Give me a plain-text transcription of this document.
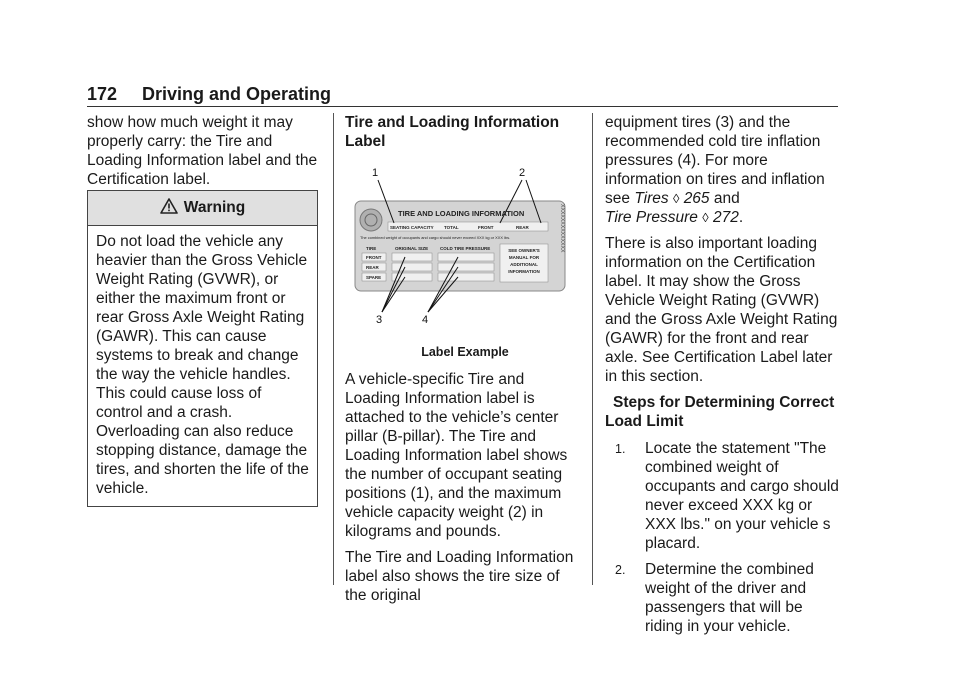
172 Driving and Operating

show how much weight it may properly carry: the Tire and Loading Information label and the Certification label.

Warning
Do not load the vehicle any heavier than the Gross Vehicle Weight Rating (GVWR), or either the maximum front or rear Gross Axle Weight Rating (GAWR). This can cause systems to break and change the way the vehicle handles. This could cause loss of control and a crash. Overloading can also reduce stopping distance, damage the tires, and shorten the life of the vehicle.
Tire and Loading Information Label
TIRE AND LOADING INFORMATION
SEATING CAPACITY TOTAL	FRONT	REAR
The combined weight of occupants and cargo should never exceed XXX kg or XXX lbs.
TIRE	ORIGINAL SIZE	COLD TIRE PRESSURE
FRONT
REAR
SPARE
SEE OWNER'S
MANUAL FOR
ADDITIONAL
INFORMATION
XXXXXXXXXXXXXX
1	2
3	4
Label Example

A vehicle-specific Tire and Loading Information label is attached to the vehicle’s center pillar (B-pillar). The Tire and Loading Information label shows the number of occupant seating positions (1), and the maximum vehicle capacity weight (2) in kilograms and pounds.

The Tire and Loading Information label also shows the tire size of the original

equipment tires (3) and the recommended cold tire inflation pressures (4). For more information on tires and inflation see Tires ◊ 265 and
Tire Pressure ◊ 272.

There is also important loading information on the Certification label. It may show the Gross Vehicle Weight Rating (GVWR) and the Gross Axle Weight Rating (GAWR) for the front and rear axle. See Certification Label later in this section.

Steps for Determining Correct Load Limit
1. Locate the statement "The combined weight of occupants and cargo should never exceed XXX kg or XXX lbs." on your vehicle s placard.
2. Determine the combined weight of the driver and passengers that will be riding in your vehicle.
